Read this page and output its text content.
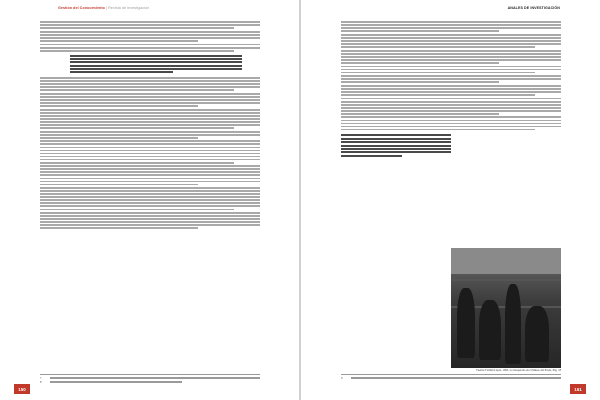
Gestión del Conocimiento | Revista de investigación

7
8
150
ANALES DE INVESTIGACIÓN

Fuente: Fermín López, 1995, Lo inesperado en el Museo del Prado, Pág. 18
9
151
